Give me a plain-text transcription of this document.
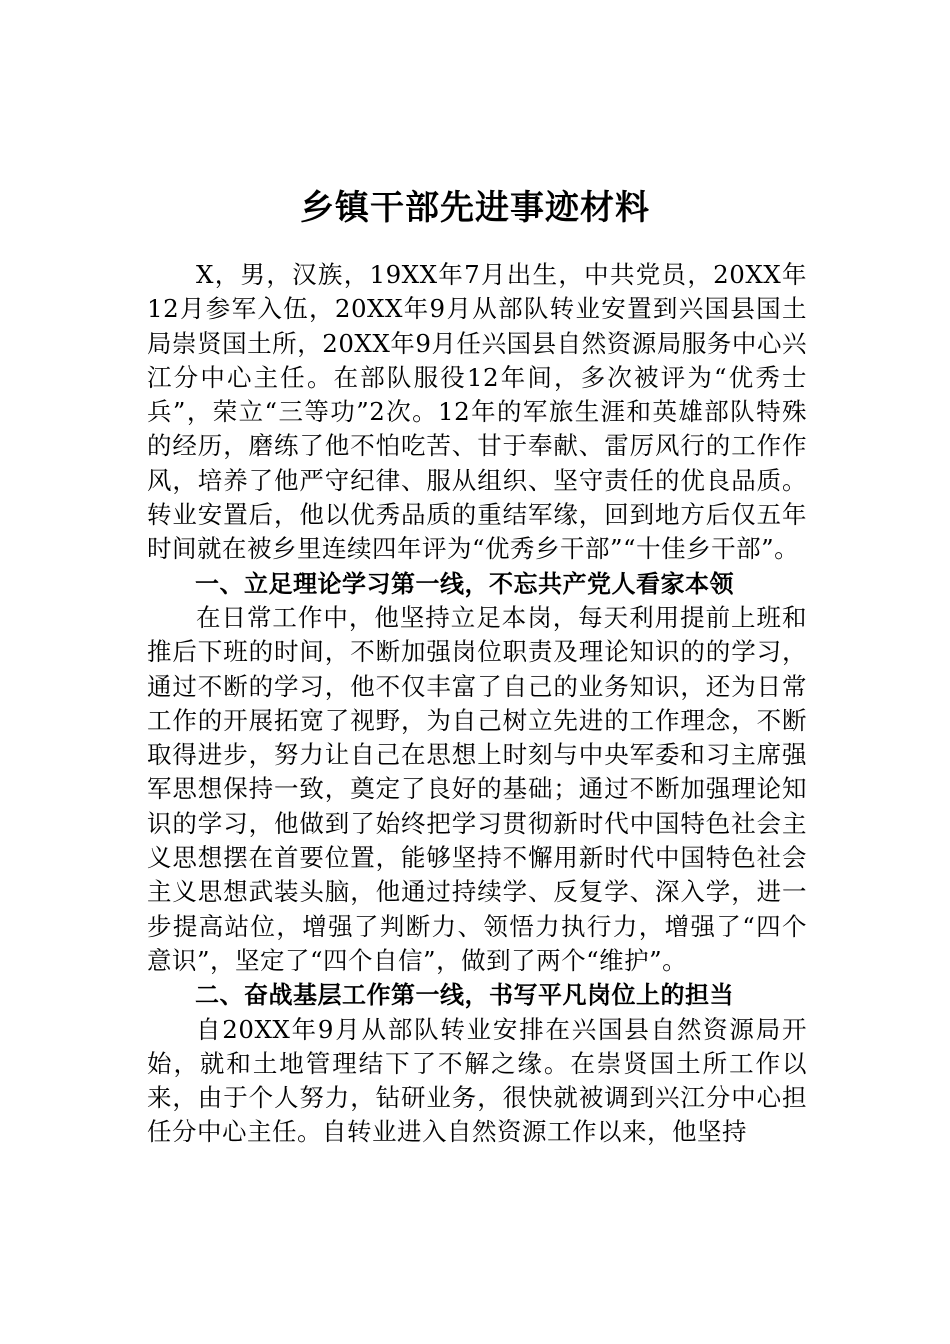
乡镇干部先进事迹材料

X，男，汉族，19XX年7月出生，中共党员，20XX年12月参军入伍，20XX年9月从部队转业安置到兴国县国土局崇贤国土所，20XX年9月任兴国县自然资源局服务中心兴江分中心主任。在部队服役12年间，多次被评为“优秀士兵”，荣立“三等功”2次。12年的军旅生涯和英雄部队特殊的经历，磨练了他不怕吃苦、甘于奉献、雷厉风行的工作作风，培养了他严守纪律、服从组织、坚守责任的优良品质。转业安置后，他以优秀品质的重结军缘，回到地方后仅五年时间就在被乡里连续四年评为“优秀乡干部”“十佳乡干部”。

一、立足理论学习第一线，不忘共产党人看家本领

在日常工作中，他坚持立足本岗，每天利用提前上班和推后下班的时间，不断加强岗位职责及理论知识的的学习，通过不断的学习，他不仅丰富了自己的业务知识，还为日常工作的开展拓宽了视野，为自己树立先进的工作理念，不断取得进步，努力让自己在思想上时刻与中央军委和习主席强军思想保持一致，奠定了良好的基础；通过不断加强理论知识的学习，他做到了始终把学习贯彻新时代中国特色社会主义思想摆在首要位置，能够坚持不懈用新时代中国特色社会主义思想武装头脑，他通过持续学、反复学、深入学，进一步提高站位，增强了判断力、领悟力执行力，增强了“四个意识”，坚定了“四个自信”，做到了两个“维护”。

二、奋战基层工作第一线，书写平凡岗位上的担当

自20XX年9月从部队转业安排在兴国县自然资源局开始，就和土地管理结下了不解之缘。在崇贤国土所工作以来，由于个人努力，钻研业务，很快就被调到兴江分中心担任分中心主任。自转业进入自然资源工作以来，他坚持
